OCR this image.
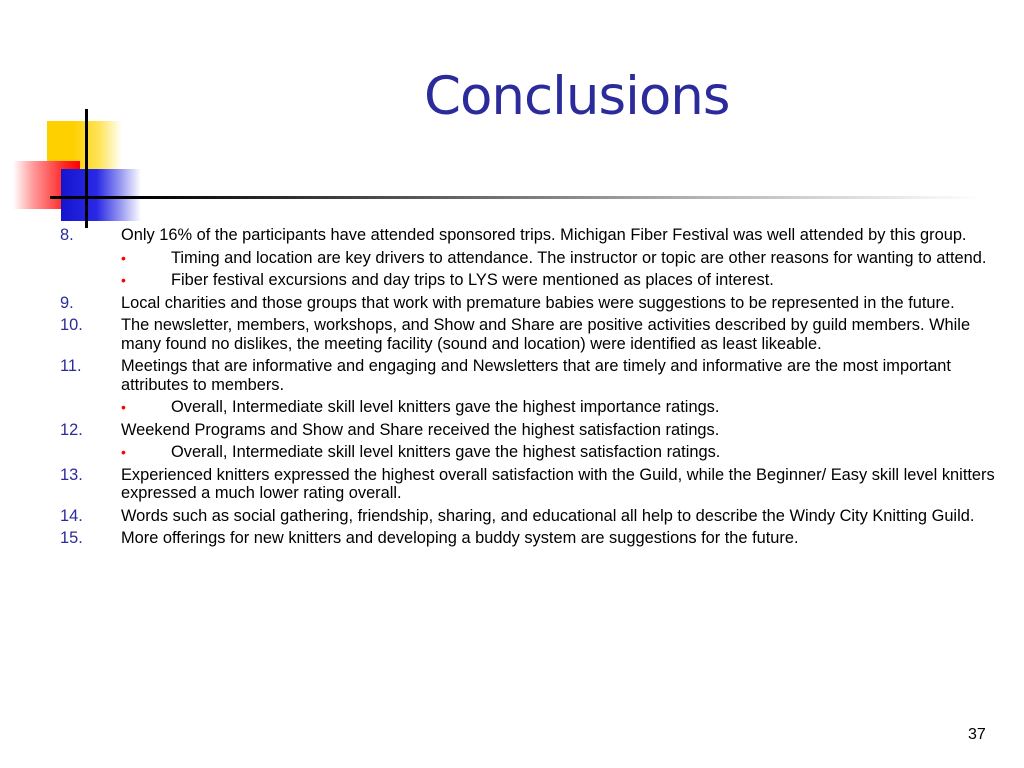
Conclusions
8.	Only 16% of the participants have attended sponsored trips. Michigan Fiber Festival was well attended by this group.
•	Timing and location are key drivers to attendance. The instructor or topic are other reasons for wanting to attend.
•	Fiber festival excursions and day trips to LYS were mentioned as places of interest.
9.	Local charities and those groups that work with premature babies were suggestions to be represented in the future.
10. The newsletter, members, workshops, and Show and Share are positive activities described by guild members. While many found no dislikes, the meeting facility (sound and location) were identified as least likeable.
11. Meetings that are informative and engaging and Newsletters that are timely and informative are the most important attributes to members.
•	Overall, Intermediate skill level knitters gave the highest importance ratings.
12. Weekend Programs and Show and Share received the highest satisfaction ratings.
•	Overall, Intermediate skill level knitters gave the highest satisfaction ratings.
13. Experienced knitters expressed the highest overall satisfaction with the Guild, while the Beginner/ Easy skill level knitters expressed a much lower rating overall.
14. Words such as social gathering, friendship, sharing, and educational all help to describe the Windy City Knitting Guild.
15. More offerings for new knitters and developing a buddy system are suggestions for the future.
37
